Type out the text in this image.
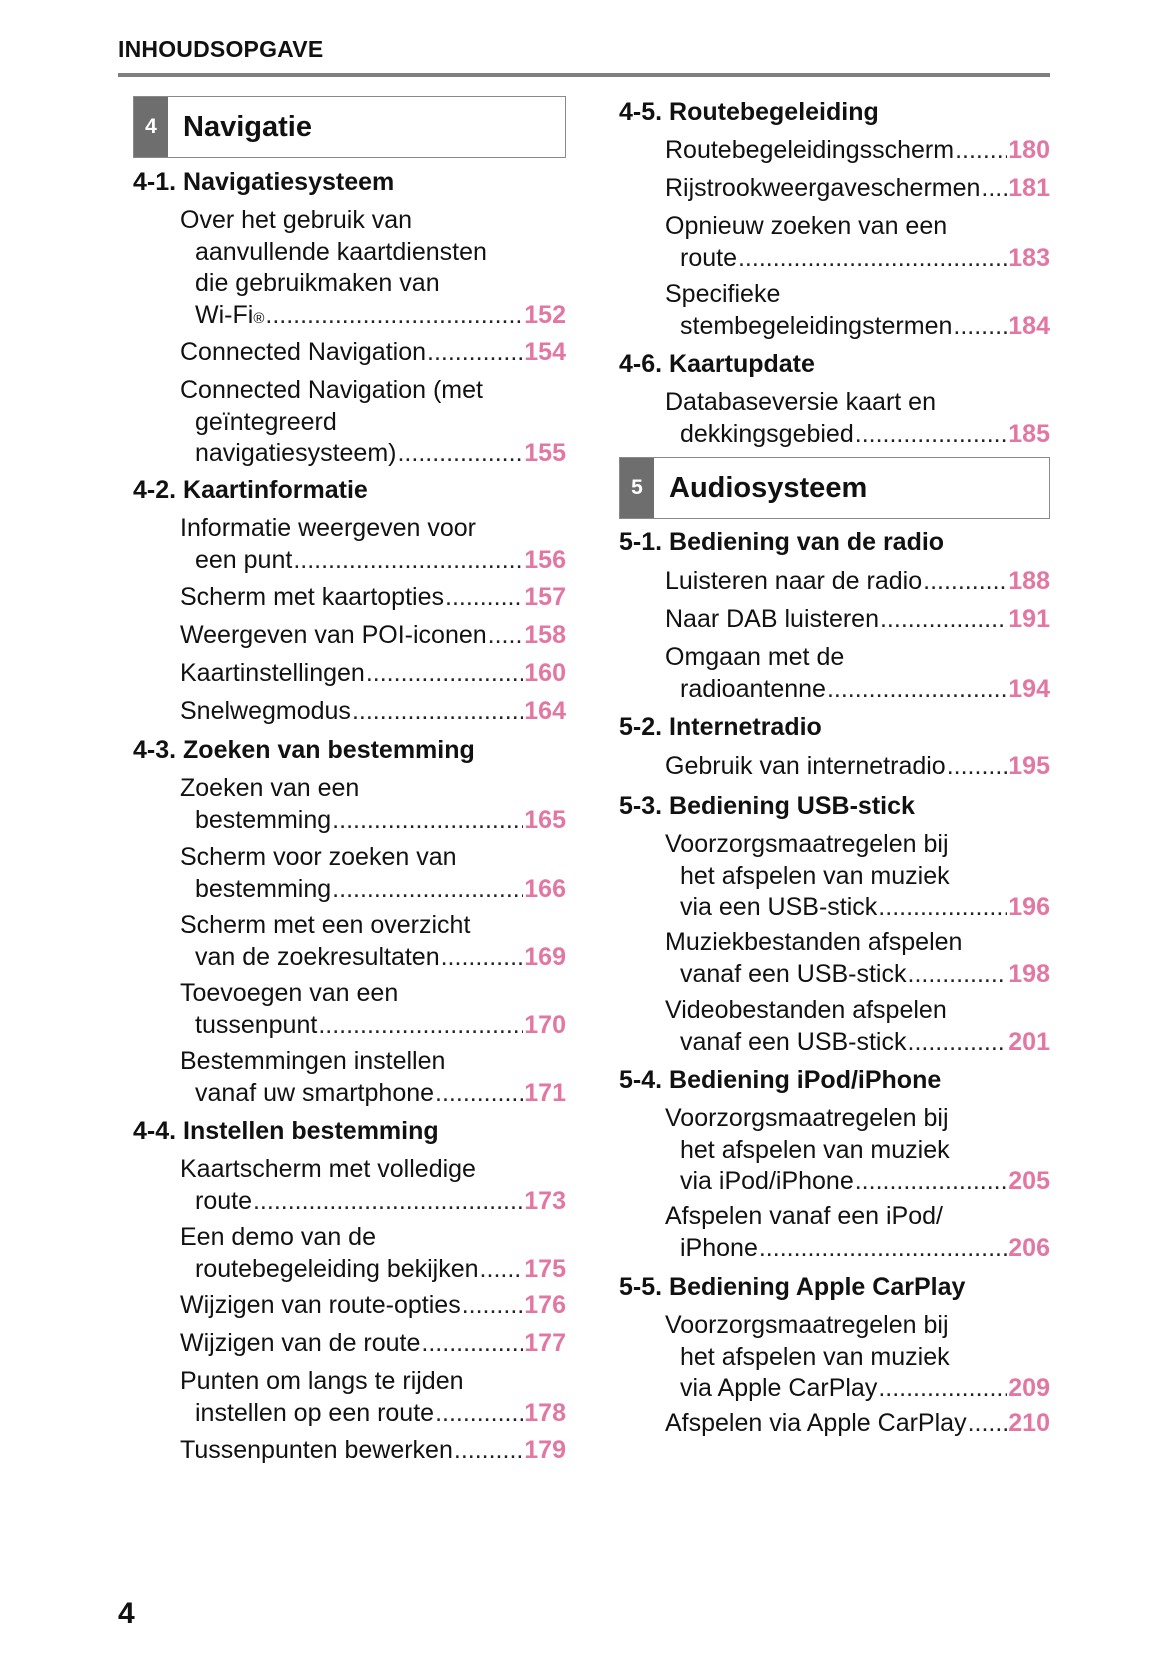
INHOUDSOPGAVE
4 Navigatie
4-1. Navigatiesysteem
Over het gebruik van
aanvullende kaartdiensten
die gebruikmaken van
Wi-Fi ® .....	152
Connected Navigation .....	154
Connected Navigation (met
geïntegreerd
navigatiesysteem) .....	155
4-2. Kaartinformatie
Informatie weergeven voor
een punt .....	156
Scherm met kaartopties .....	157
Weergeven van POI-iconen ..... 158
Kaartinstellingen .....	160
Snelwegmodus .....	164
4-3. Zoeken van bestemming
Zoeken van een
bestemming .....	165
Scherm voor zoeken van
bestemming .....	166
Scherm met een overzicht
van de zoekresultaten .....	169
Toevoegen van een
tussenpunt .....	170
Bestemmingen instellen
vanaf uw smartphone .....	171
4-4. Instellen bestemming
Kaartscherm met volledige
route .....	173
Een demo van de
routebegeleiding bekijken ..... 175
Wijzigen van route-opties .....	176
Wijzigen van de route .....	177
Punten om langs te rijden
instellen op een route .....	178
Tussenpunten bewerken .....	179
4-5. Routebegeleiding
Routebegeleidingsscherm ..... 180
Rijstrookweergaveschermen ..... 181
Opnieuw zoeken van een
route .....	183
Specifieke
stembegeleidingstermen ..... 184
4-6. Kaartupdate
Databaseversie kaart en
dekkingsgebied .....	185
5 Audiosysteem
5-1. Bediening van de radio
Luisteren naar de radio .....	188
Naar DAB luisteren .....	191
Omgaan met de
radioantenne .....	194
5-2. Internetradio
Gebruik van internetradio .....	195
5-3. Bediening USB-stick
Voorzorgsmaatregelen bij
het afspelen van muziek
via een USB-stick .....	196
Muziekbestanden afspelen
vanaf een USB-stick .....	198
Videobestanden afspelen
vanaf een USB-stick .....	201
5-4. Bediening iPod/iPhone
Voorzorgsmaatregelen bij
het afspelen van muziek
via iPod/iPhone .....	205
Afspelen vanaf een iPod/
iPhone .....	206
5-5. Bediening Apple CarPlay
Voorzorgsmaatregelen bij
het afspelen van muziek
via Apple CarPlay .....	209
Afspelen via Apple CarPlay ..... 210
4
